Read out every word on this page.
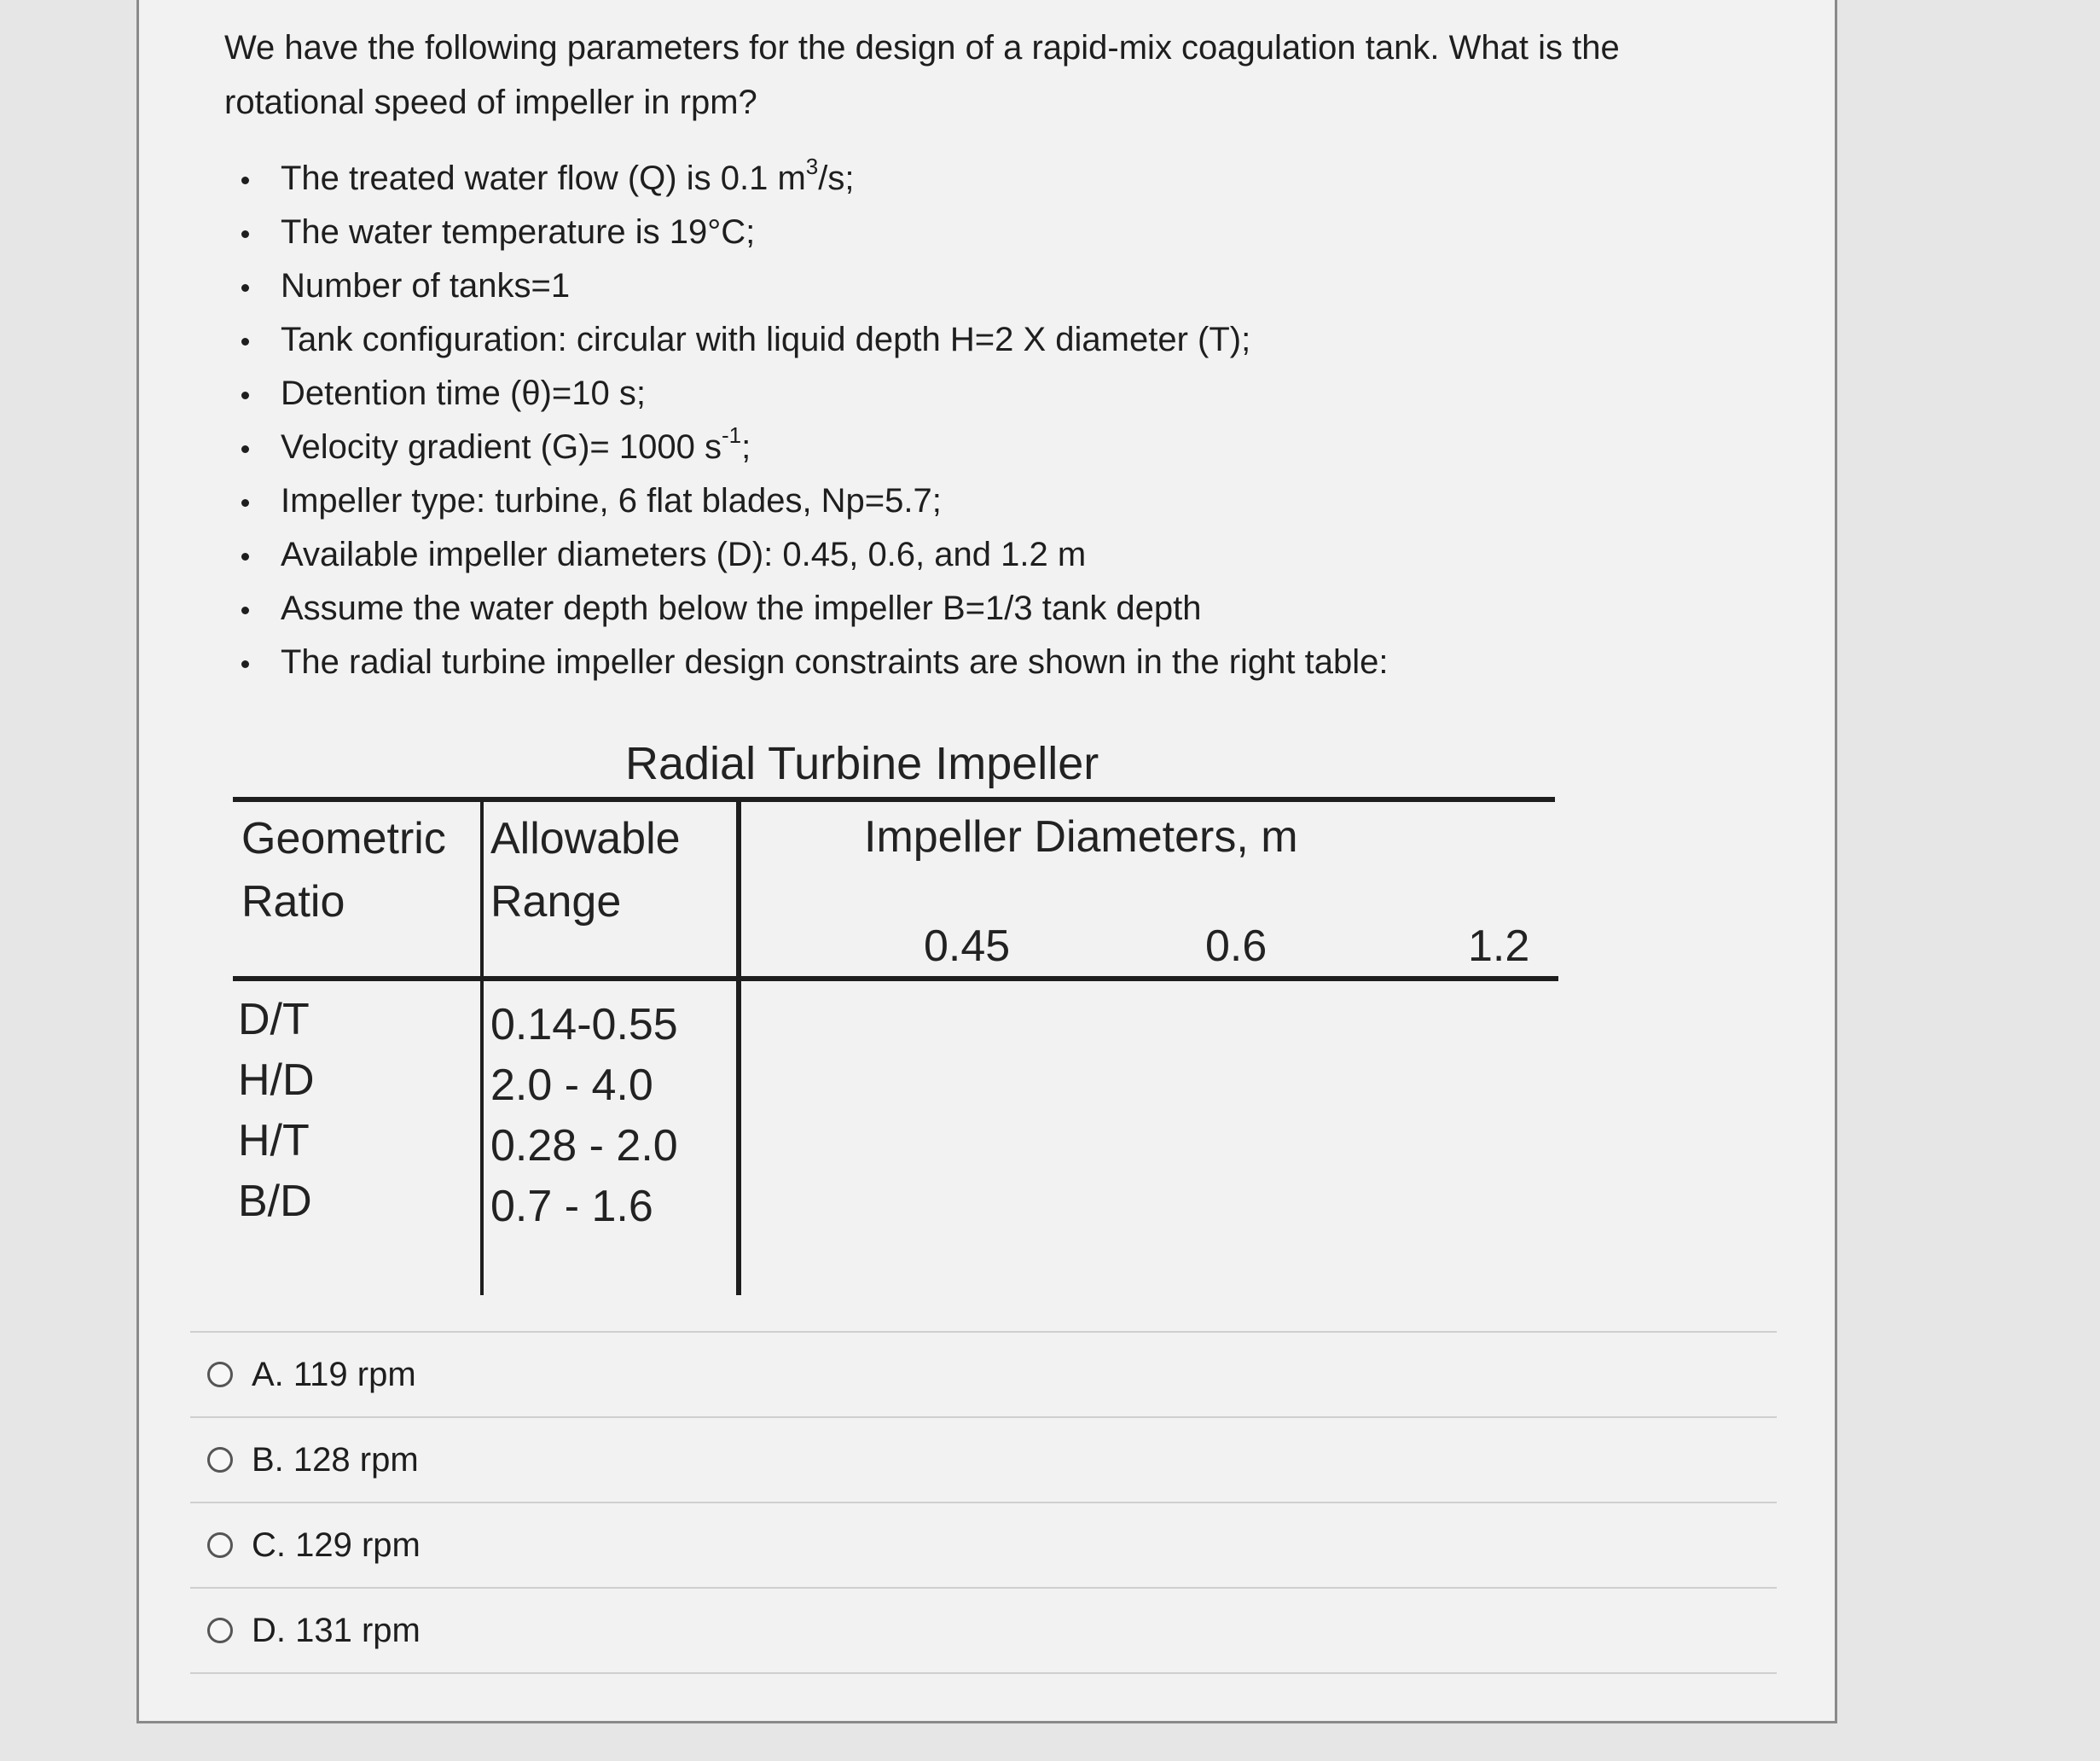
We have the following parameters for the design of a rapid-mix coagulation tank. What is the

rotational speed of impeller in rpm?

The treated water flow (Q) is 0.1 $m^3/s$;
The water temperature is 19°C;
Number of tanks=1
Tank configuration: circular with liquid depth H=2 X diameter (T);
Detention time (θ)=10 s;
Velocity gradient (G)= 1000 $s^{-1}$;
Impeller type: turbine, 6 flat blades, Np=5.7;
Available impeller diameters (D): 0.45, 0.6, and 1.2 m
Assume the water depth below the impeller B=1/3 tank depth
The radial turbine impeller design constraints are shown in the right table:
Radial Turbine Impeller
Geometric
Ratio
Allowable
Range
Impeller Diameters, m
0.45	0.6	1.2
D/T
H/D
H/T
B/D
0.14-0.55
2.0 - 4.0
0.28 - 2.0
0.7 - 1.6
A. 119 rpm
B. 128 rpm
C. 129 rpm
D. 131 rpm
